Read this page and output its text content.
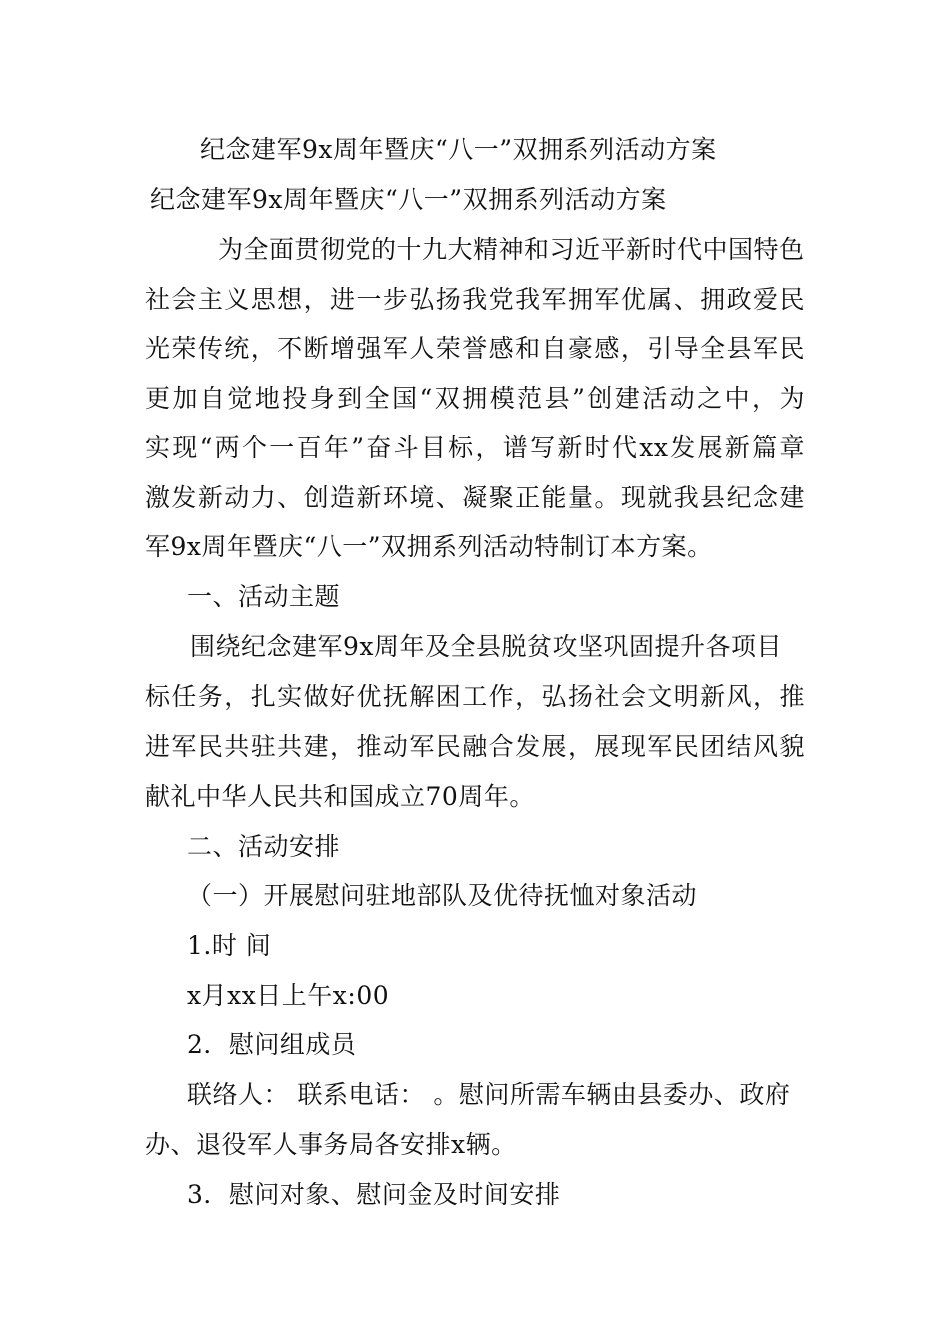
纪念建军9x周年暨庆“八一”双拥系列活动方案
纪念建军9x周年暨庆“八一”双拥系列活动方案
为全面贯彻党的十九大精神和习近平新时代中国特色
社会主义思想，进一步弘扬我党我军拥军优属、拥政爱民
光荣传统，不断增强军人荣誉感和自豪感，引导全县军民
更加自觉地投身到全国“双拥模范县”创建活动之中，为
实现“两个一百年”奋斗目标，谱写新时代xx发展新篇章
激发新动力、创造新环境、凝聚正能量。现就我县纪念建
军9x周年暨庆“八一”双拥系列活动特制订本方案。
一、活动主题
围绕纪念建军9x周年及全县脱贫攻坚巩固提升各项目
标任务，扎实做好优抚解困工作，弘扬社会文明新风，推
进军民共驻共建，推动军民融合发展，展现军民团结风貌
献礼中华人民共和国成立70周年。
二、活动安排
（一）开展慰问驻地部队及优待抚恤对象活动
1.时 间
x月xx日上午x:00
2．慰问组成员
联络人： 联系电话： 。慰问所需车辆由县委办、政府
办、退役军人事务局各安排x辆。
3．慰问对象、慰问金及时间安排
